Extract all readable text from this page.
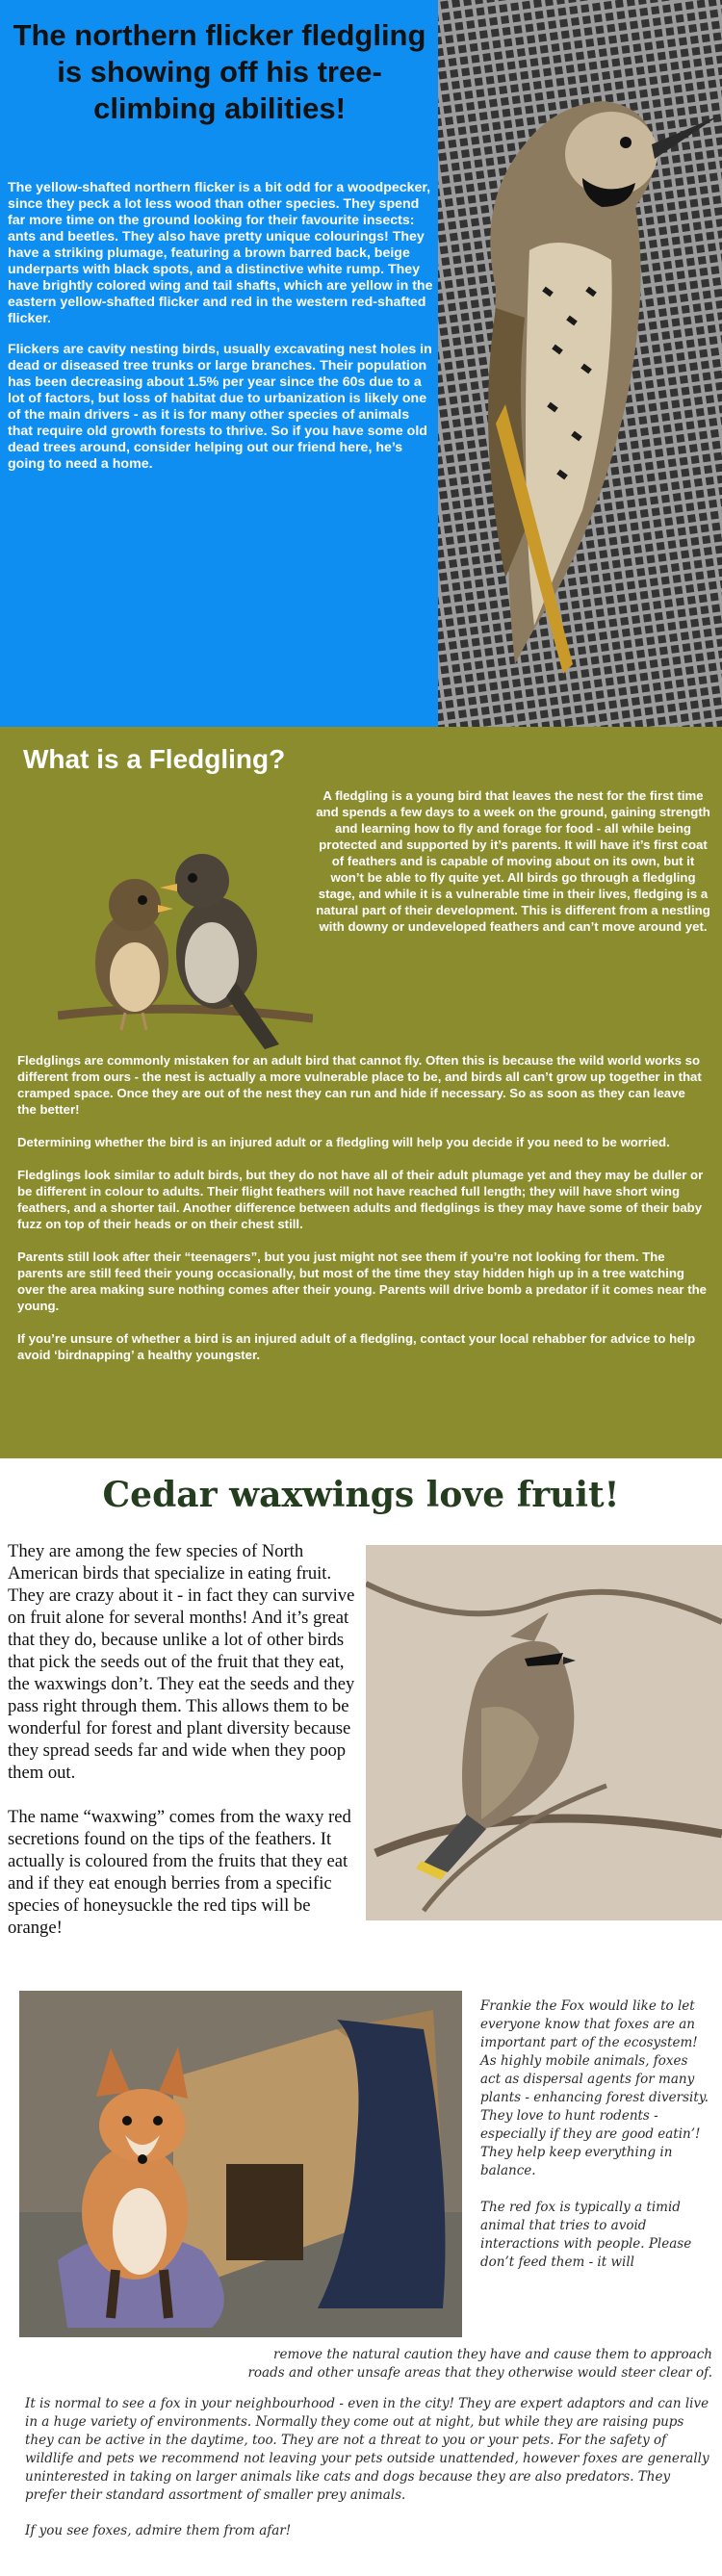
The northern flicker fledgling is showing off his tree-climbing abilities!

The yellow-shafted northern flicker is a bit odd for a woodpecker, since they peck a lot less wood than other species. They spend far more time on the ground looking for their favourite insects: ants and beetles. They also have pretty unique colourings! They have a striking plumage, featuring a brown barred back, beige underparts with black spots, and a distinctive white rump. They have brightly colored wing and tail shafts, which are yellow in the eastern yellow-shafted flicker and red in the western red-shafted flicker.

Flickers are cavity nesting birds, usually excavating nest holes in dead or diseased tree trunks or large branches. Their population has been decreasing about 1.5% per year since the 60s due to a lot of factors, but loss of habitat due to urbanization is likely one of the main drivers - as it is for many other species of animals that require old growth forests to thrive. So if you have some old dead trees around, consider helping out our friend here, he’s going to need a home.

What is a Fledgling?

A fledgling is a young bird that leaves the nest for the first time and spends a few days to a week on the ground, gaining strength and learning how to fly and forage for food - all while being protected and supported by it’s parents. It will have it’s first coat of feathers and is capable of moving about on its own, but it won’t be able to fly quite yet. All birds go through a fledgling stage, and while it is a vulnerable time in their lives, fledging is a natural part of their development. This is different from a nestling with downy or undeveloped feathers and can’t move around yet.

Fledglings are commonly mistaken for an adult bird that cannot fly. Often this is because the wild world works so different from ours - the nest is actually a more vulnerable place to be, and birds all can’t grow up together in that cramped space. Once they are out of the nest they can run and hide if necessary. So as soon as they can leave the better!

Determining whether the bird is an injured adult or a fledgling will help you decide if you need to be worried.

Fledglings look similar to adult birds, but they do not have all of their adult plumage yet and they may be duller or be different in colour to adults. Their flight feathers will not have reached full length; they will have short wing feathers, and a shorter tail. Another difference between adults and fledglings is they may have some of their baby fuzz on top of their heads or on their chest still.

Parents still look after their “teenagers”, but you just might not see them if you’re not looking for them. The parents are still feed their young occasionally, but most of the time they stay hidden high up in a tree watching over the area making sure nothing comes after their young. Parents will drive bomb a predator if it comes near the young.

If you’re unsure of whether a bird is an injured adult of a fledgling, contact your local rehabber for advice to help avoid ‘birdnapping’ a healthy youngster.

Cedar waxwings love fruit!

They are among the few species of North American birds that specialize in eating fruit. They are crazy about it - in fact they can survive on fruit alone for several months! And it’s great that they do, because unlike a lot of other birds that pick the seeds out of the fruit that they eat, the waxwings don’t. They eat the seeds and they pass right through them. This allows them to be wonderful for forest and plant diversity because they spread seeds far and wide when they poop them out.

The name “waxwing” comes from the waxy red secretions found on the tips of the feathers. It actually is coloured from the fruits that they eat and if they eat enough berries from a specific species of honeysuckle the red tips will be orange!

Frankie the Fox would like to let everyone know that foxes are an important part of the ecosystem! As highly mobile animals, foxes act as dispersal agents for many plants - enhancing forest diversity. They love to hunt rodents - especially if they are good eatin’! They help keep everything in balance.

The red fox is typically a timid animal that tries to avoid interactions with people. Please don’t feed them - it will

remove the natural caution they have and cause them to approach roads and other unsafe areas that they otherwise would steer clear of.

It is normal to see a fox in your neighbourhood - even in the city! They are expert adaptors and can live in a huge variety of environments. Normally they come out at night, but while they are raising pups they can be active in the daytime, too. They are not a threat to you or your pets. For the safety of wildlife and pets we recommend not leaving your pets outside unattended, however foxes are generally uninterested in taking on larger animals like cats and dogs because they are also predators. They prefer their standard assortment of smaller prey animals.

If you see foxes, admire them from afar!
